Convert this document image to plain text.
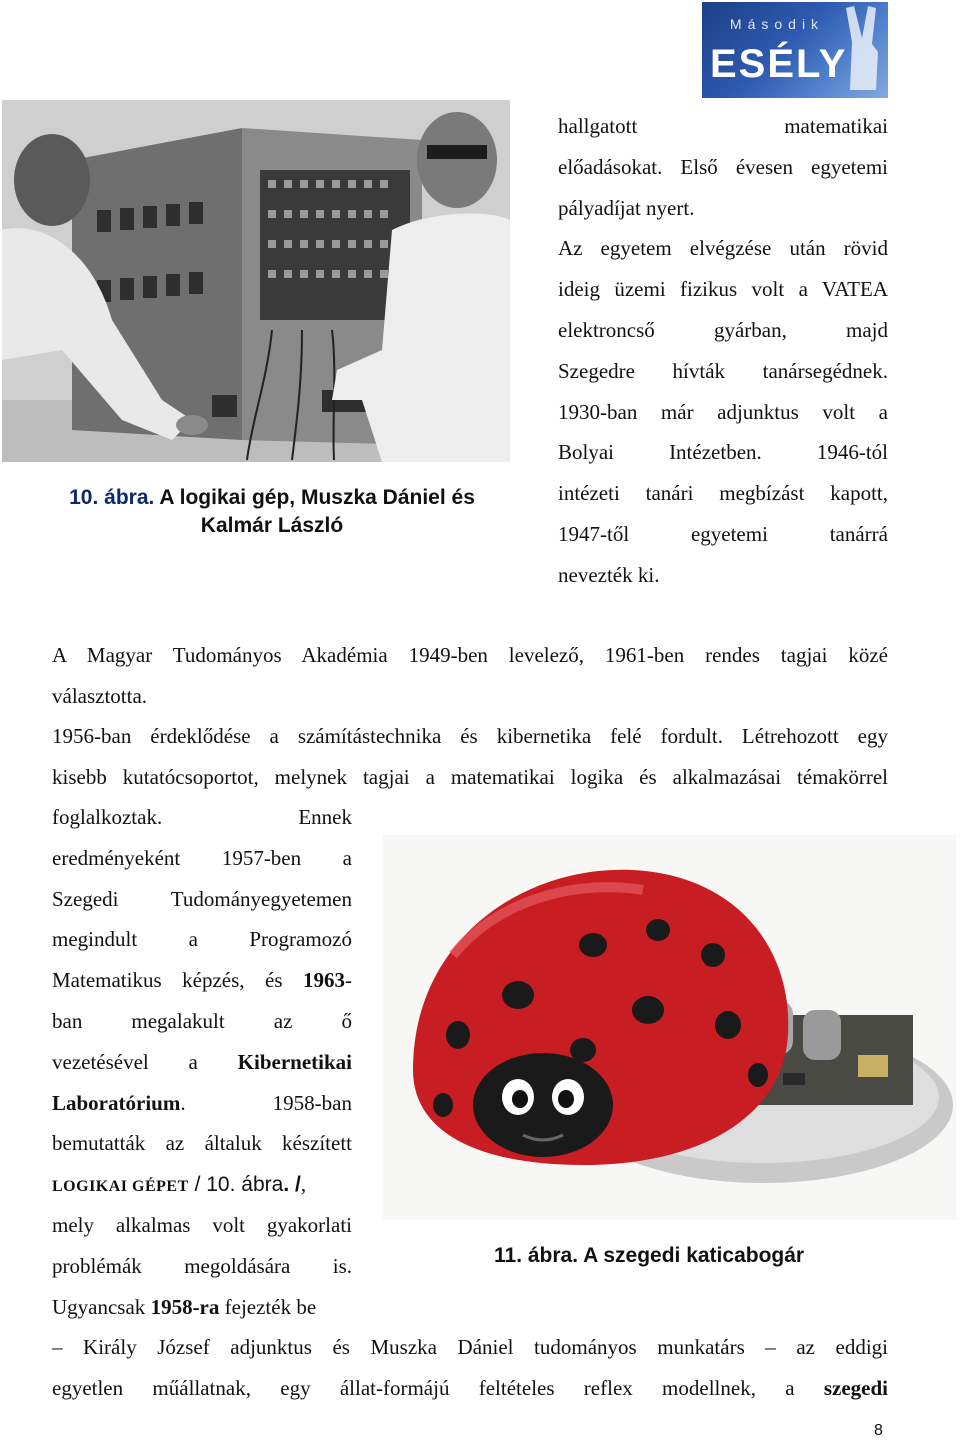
Második
ESÉLY
10. ábra. A logikai gép, Muszka Dániel és
Kalmár László
hallgatott matematikai
előadásokat. Első évesen egyetemi
pályadíjat nyert.
Az egyetem elvégzése után rövid
ideig üzemi fizikus volt a VATEA
elektroncső gyárban, majd
Szegedre hívták tanársegédnek.
1930-ban már adjunktus volt a
Bolyai Intézetben. 1946-tól
intézeti tanári megbízást kapott,
1947-től egyetemi tanárrá
nevezték ki.
A Magyar Tudományos Akadémia 1949-ben levelező, 1961-ben rendes tagjai közé
választotta.
1956-ban érdeklődése a számítástechnika és kibernetika felé fordult. Létrehozott egy
kisebb kutatócsoportot, melynek tagjai a matematikai logika és alkalmazásai témakörrel
foglalkoztak. Ennek
eredményeként 1957-ben a
Szegedi Tudományegyetemen
megindult a Programozó
Matematikus képzés, és 1963-
ban megalakult az ő
vezetésével a Kibernetikai
Laboratórium. 1958-ban
bemutatták az általuk készített
LOGIKAI GÉPET / 10. ábra. /,
mely alkalmas volt gyakorlati
problémák megoldására is.
Ugyancsak 1958-ra fejezték be
11. ábra. A szegedi katicabogár
– Király József adjunktus és Muszka Dániel tudományos munkatárs – az eddigi
egyetlen műállatnak, egy állat-formájú feltételes reflex modellnek, a szegedi
8
